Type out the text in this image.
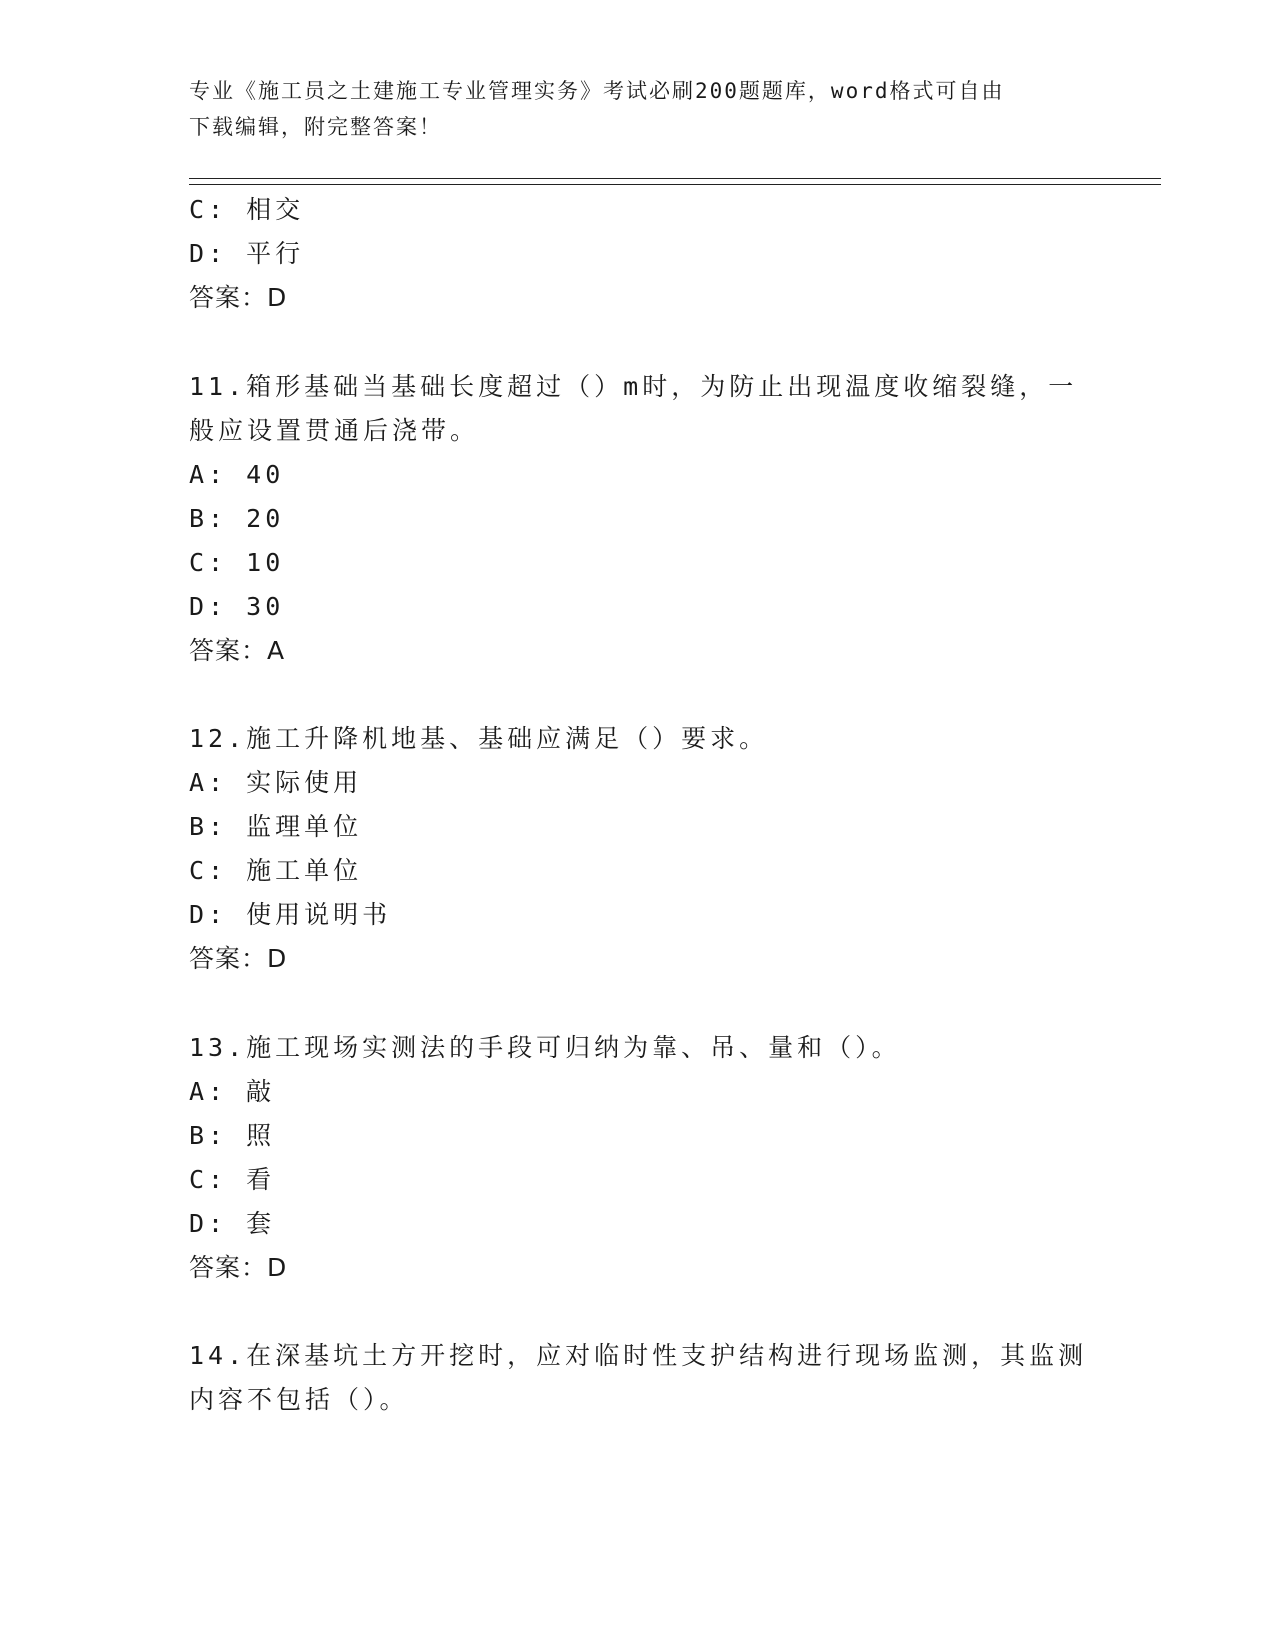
专业《施工员之土建施工专业管理实务》考试必刷200题题库，word格式可自由
下载编辑，附完整答案！
C: 相交
D: 平行
答案：D
11.箱形基础当基础长度超过（）m时，为防止出现温度收缩裂缝，一
般应设置贯通后浇带。
A: 40
B: 20
C: 10
D: 30
答案：A
12.施工升降机地基、基础应满足（）要求。
A: 实际使用
B: 监理单位
C: 施工单位
D: 使用说明书
答案：D
13.施工现场实测法的手段可归纳为靠、吊、量和（）。
A: 敲
B: 照
C: 看
D: 套
答案：D
14.在深基坑土方开挖时，应对临时性支护结构进行现场监测，其监测
内容不包括（）。
